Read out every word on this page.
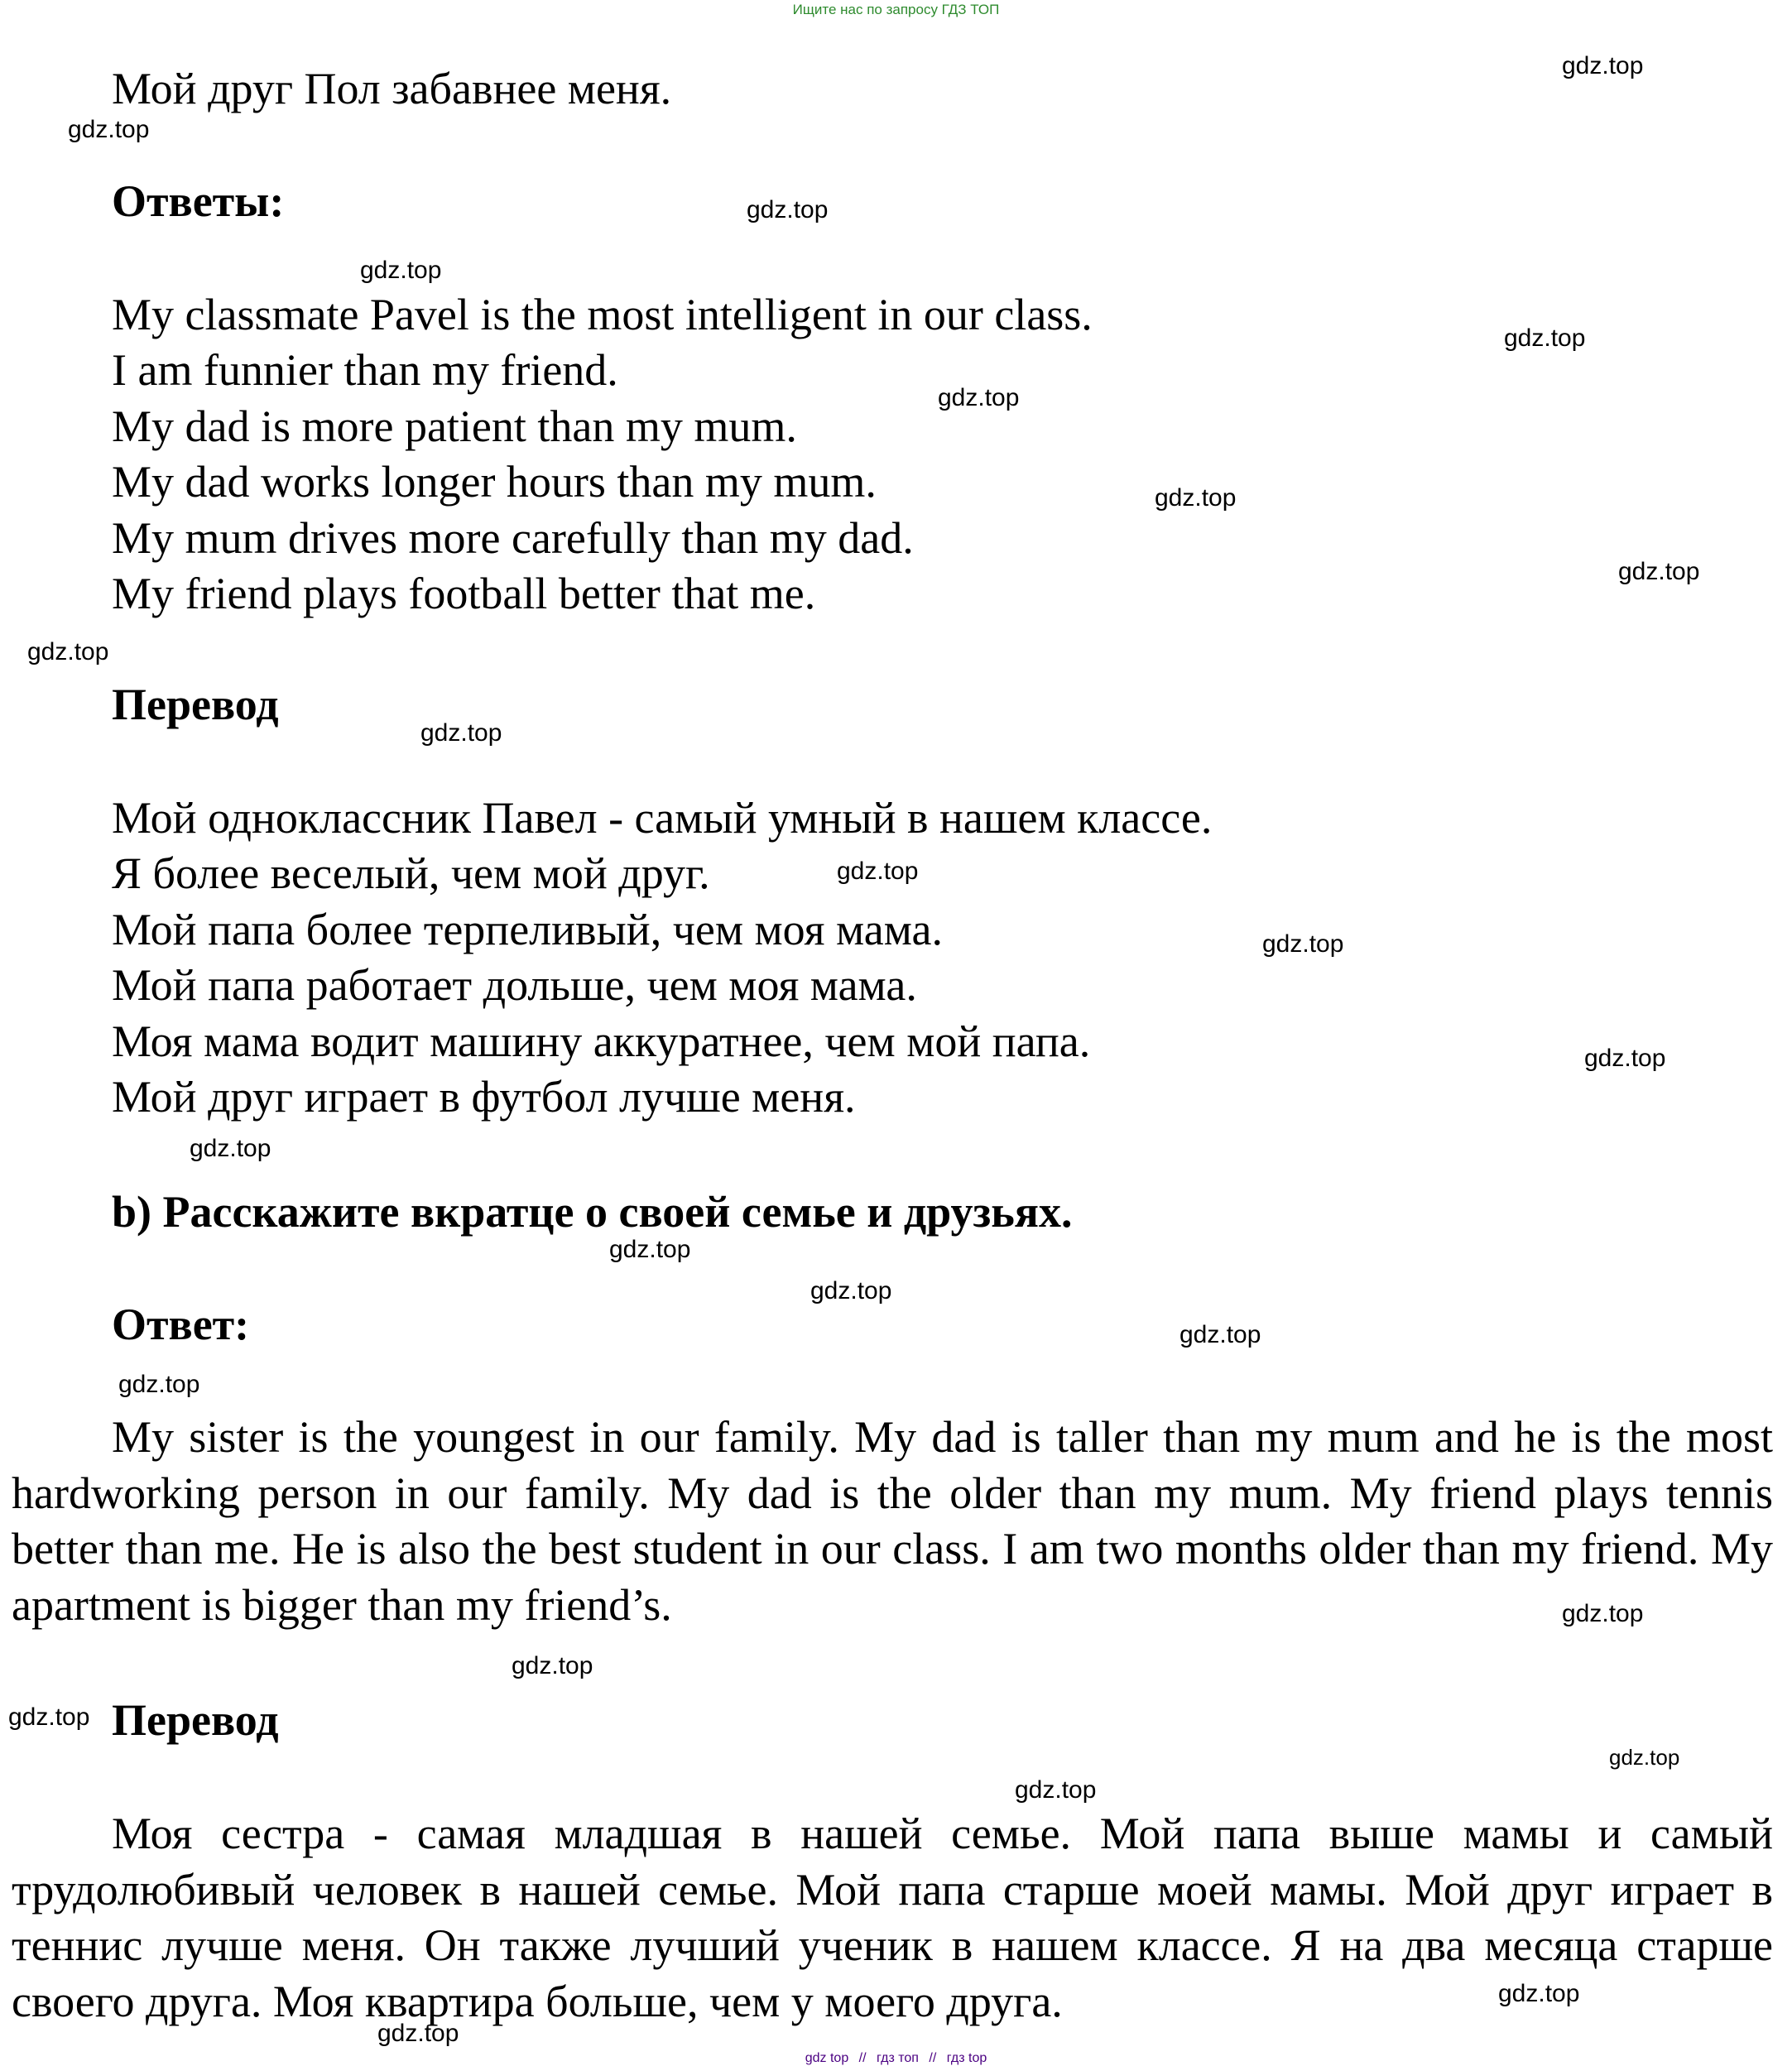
Ищите нас по запросу ГДЗ ТОП
Мой друг Пол забавнее меня.
Ответы:
My classmate Pavel is the most intelligent in our class.
I am funnier than my friend.
My dad is more patient than my mum.
My dad works longer hours than my mum.
My mum drives more carefully than my dad.
My friend plays football better that me.
Перевод
Мой одноклассник Павел - самый умный в нашем классе.
Я более веселый, чем мой друг.
Мой папа более терпеливый, чем моя мама.
Мой папа работает дольше, чем моя мама.
Моя мама водит машину аккуратнее, чем мой папа.
Мой друг играет в футбол лучше меня.
b) Расскажите вкратце о своей семье и друзьях.
Ответ:
My sister is the youngest in our family. My dad is taller than my mum and he is the most hardworking person in our family. My dad is the older than my mum. My friend plays tennis better than me. He is also the best student in our class. I am two months older than my friend. My apartment is bigger than my friend’s.
Перевод
Моя сестра - самая младшая в нашей семье. Мой папа выше мамы и самый трудолюбивый человек в нашей семье. Мой папа старше моей мамы. Мой друг играет в теннис лучше меня. Он также лучший ученик в нашем классе. Я на два месяца старше своего друга. Моя квартира больше, чем у моего друга.
gdz.top
gdz.top
gdz.top
gdz.top
gdz.top
gdz.top
gdz.top
gdz.top
gdz.top
gdz.top
gdz.top
gdz.top
gdz.top
gdz.top
gdz.top
gdz.top
gdz.top
gdz.top
gdz.top
gdz.top
gdz.top
gdz.top
gdz.top
gdz.top
gdz.top
gdz top // гдз топ // гдз top
